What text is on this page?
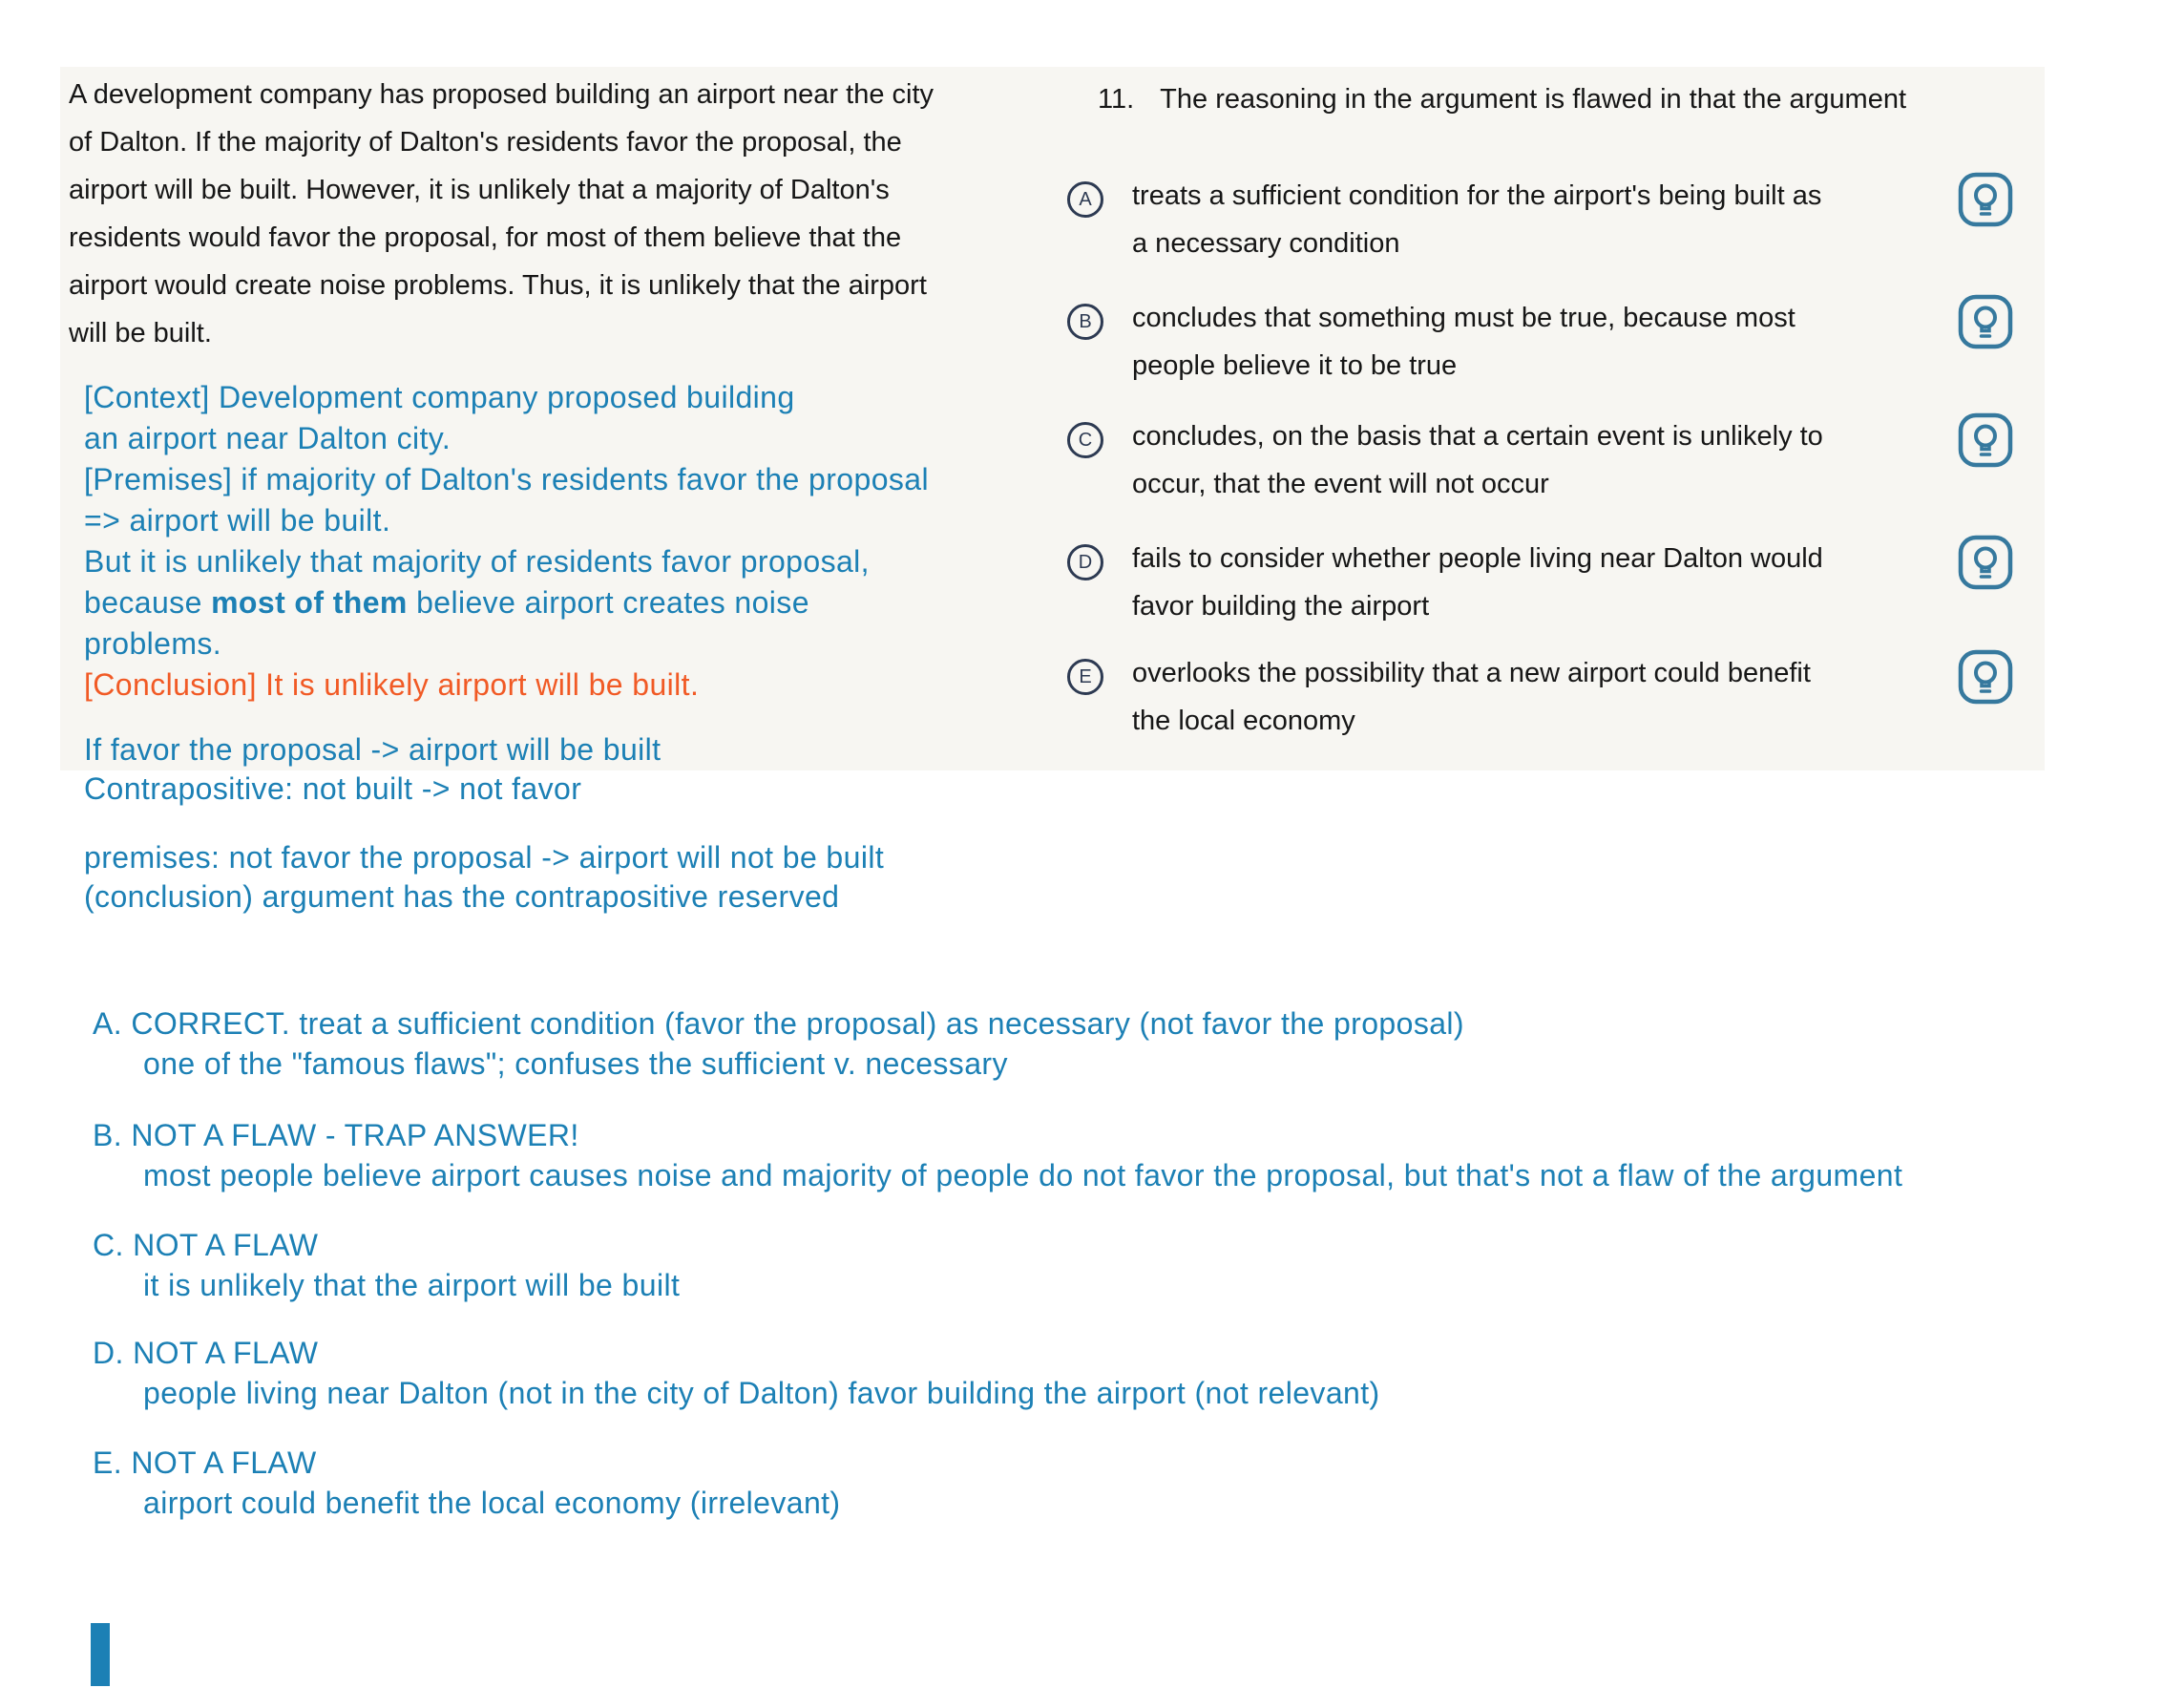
A development company has proposed building an airport near the city
of Dalton. If the majority of Dalton's residents favor the proposal, the
airport will be built. However, it is unlikely that a majority of Dalton's
residents would favor the proposal, for most of them believe that the
airport would create noise problems. Thus, it is unlikely that the airport
will be built.
[Context] Development company proposed building
an airport near Dalton city.
[Premises] if majority of Dalton's residents favor the proposal
=> airport will be built.
But it is unlikely that majority of residents favor proposal,
because most of them believe airport creates noise
problems.
[Conclusion] It is unlikely airport will be built.
If favor the proposal -> airport will be built
Contrapositive: not built -> not favor
premises: not favor the proposal -> airport will not be built
(conclusion) argument has the contrapositive reserved
11. The reasoning in the argument is flawed in that the argument
A	treats a sufficient condition for the airport's being built as
a necessary condition
B	concludes that something must be true, because most
people believe it to be true
C	concludes, on the basis that a certain event is unlikely to
occur, that the event will not occur
D	fails to consider whether people living near Dalton would
favor building the airport
E	overlooks the possibility that a new airport could benefit
the local economy
A. CORRECT. treat a sufficient condition (favor the proposal) as necessary (not favor the proposal)
one of the "famous flaws"; confuses the sufficient v. necessary
B. NOT A FLAW - TRAP ANSWER!
most people believe airport causes noise and majority of people do not favor the proposal, but that's not a flaw of the argument
C. NOT A FLAW
it is unlikely that the airport will be built
D. NOT A FLAW
people living near Dalton (not in the city of Dalton) favor building the airport (not relevant)
E. NOT A FLAW
airport could benefit the local economy (irrelevant)
